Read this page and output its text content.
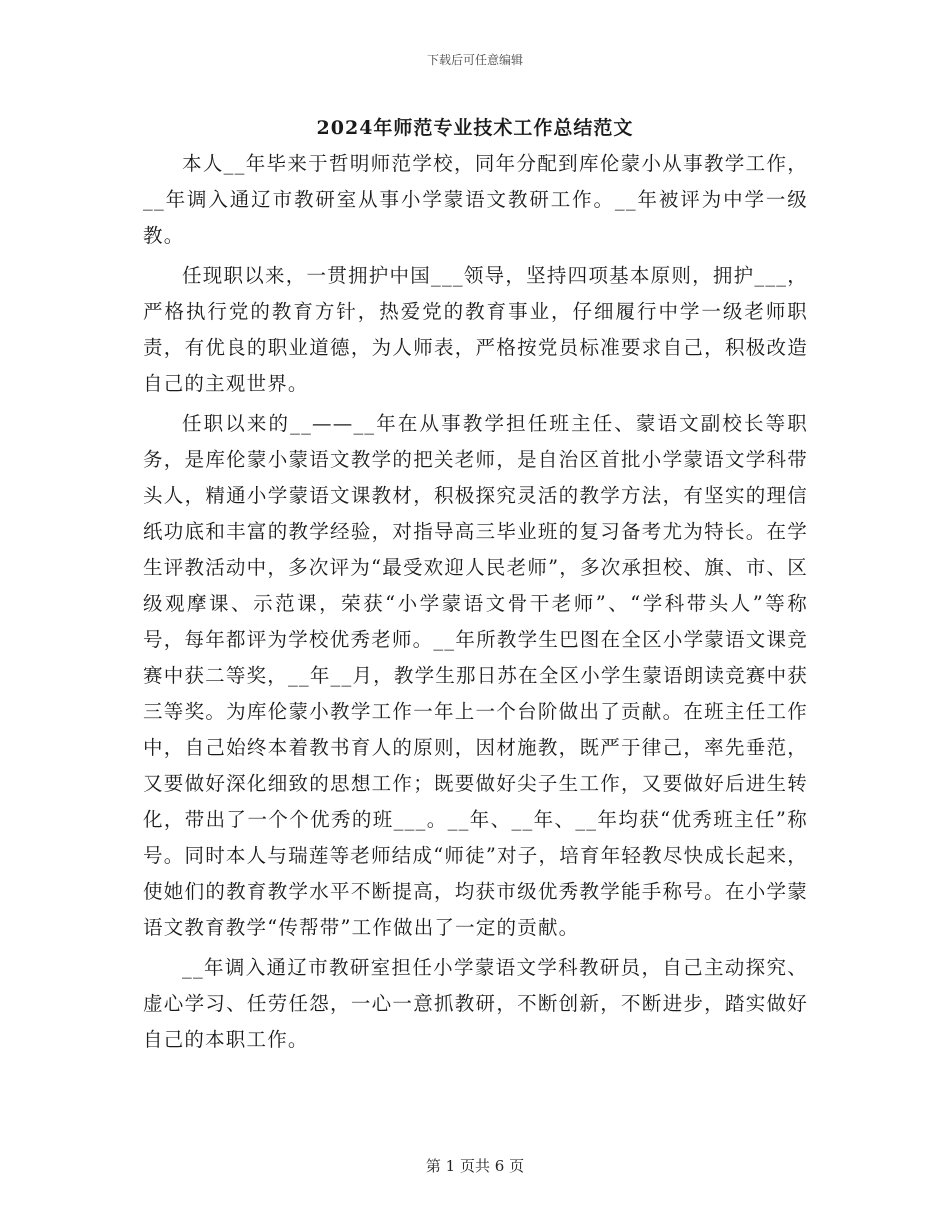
下载后可任意编辑
2024年师范专业技术工作总结范文

本人__年毕来于哲明师范学校，同年分配到库伦蒙小从事教学工作，__年调入通辽市教研室从事小学蒙语文教研工作。__年被评为中学一级教。

任现职以来，一贯拥护中国___领导，坚持四项基本原则，拥护___，严格执行党的教育方针，热爱党的教育事业，仔细履行中学一级老师职责，有优良的职业道德，为人师表，严格按党员标准要求自己，积极改造自己的主观世界。

任职以来的__——__年在从事教学担任班主任、蒙语文副校长等职务，是库伦蒙小蒙语文教学的把关老师，是自治区首批小学蒙语文学科带头人，精通小学蒙语文课教材，积极探究灵活的教学方法，有坚实的理信纸功底和丰富的教学经验，对指导高三毕业班的复习备考尤为特长。在学生评教活动中，多次评为“最受欢迎人民老师”，多次承担校、旗、市、区级观摩课、示范课，荣获“小学蒙语文骨干老师”、“学科带头人”等称号，每年都评为学校优秀老师。__年所教学生巴图在全区小学蒙语文课竞赛中获二等奖，__年__月，教学生那日苏在全区小学生蒙语朗读竞赛中获三等奖。为库伦蒙小教学工作一年上一个台阶做出了贡献。在班主任工作中，自己始终本着教书育人的原则，因材施教，既严于律己，率先垂范，又要做好深化细致的思想工作；既要做好尖子生工作，又要做好后进生转化，带出了一个个优秀的班___。__年、__年、__年均获“优秀班主任”称号。同时本人与瑞莲等老师结成“师徒”对子，培育年轻教尽快成长起来，使她们的教育教学水平不断提高，均获市级优秀教学能手称号。在小学蒙语文教育教学“传帮带”工作做出了一定的贡献。

__年调入通辽市教研室担任小学蒙语文学科教研员，自己主动探究、虚心学习、任劳任怨，一心一意抓教研，不断创新，不断进步，踏实做好自己的本职工作。

第 1 页共 6 页
